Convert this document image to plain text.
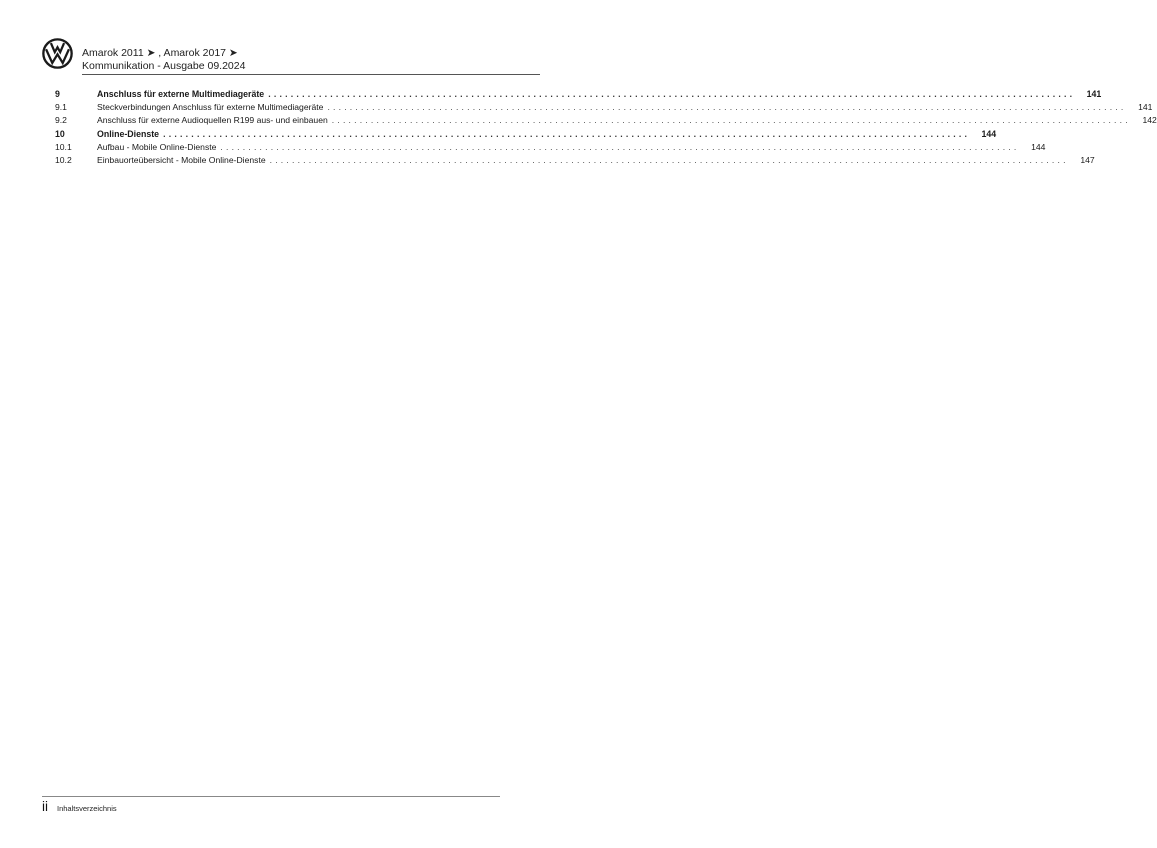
Amarok 2011 ➤ , Amarok 2017 ➤
Kommunikation - Ausgabe 09.2024
9	Anschluss für externe Multimediageräte ...............................................................................................................................................	141
9.1	Steckverbindungen Anschluss für externe Multimediageräte ...............................................................................................................................................	141
9.2	Anschluss für externe Audioquellen R199 aus- und einbauen ...............................................................................................................................................	142
10	Online-Dienste ...............................................................................................................................................	144
10.1	Aufbau - Mobile Online-Dienste ...............................................................................................................................................	144
10.2	Einbauorteübersicht - Mobile Online-Dienste ...............................................................................................................................................	147
ii Inhaltsverzeichnis
